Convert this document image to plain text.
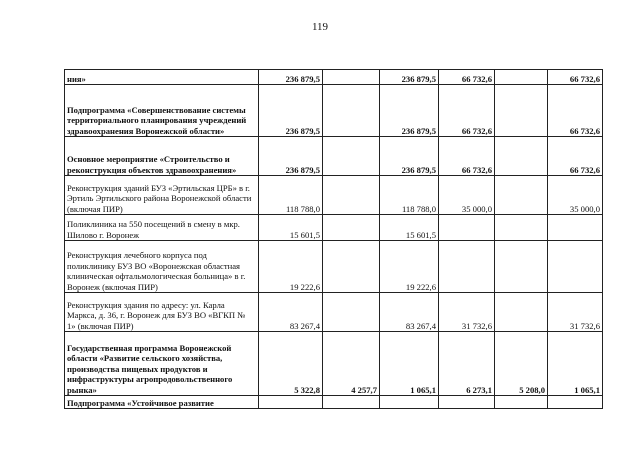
119
ния»	236 879,5		236 879,5	66 732,6		66 732,6
Подпрограмма «Совершенствование системы территориального планирования учреждений здравоохранения Воронежской области»	236 879,5		236 879,5	66 732,6		66 732,6
Основное мероприятие «Строительство и реконструкция объектов здравоохранения»	236 879,5		236 879,5	66 732,6		66 732,6
Реконструкция зданий БУЗ «Эртильская ЦРБ» в г. Эртиль Эртильского района Воронежской области (включая ПИР)	118 788,0		118 788,0	35 000,0		35 000,0
Поликлиника на 550 посещений в смену в мкр. Шилово г. Воронеж	15 601,5		15 601,5			
Реконструкция лечебного корпуса под поликлинику БУЗ ВО «Воронежская областная клиническая офтальмологическая больница» в г. Воронеж (включая ПИР)	19 222,6		19 222,6			
Реконструкция здания по адресу: ул. Карла Маркса, д. 36, г. Воронеж для БУЗ ВО «ВГКП № 1» (включая ПИР)	83 267,4		83 267,4	31 732,6		31 732,6
Государственная программа Воронежской области «Развитие сельского хозяйства, производства пищевых продуктов и инфраструктуры агропродовольственного рынка»	5 322,8	4 257,7	1 065,1	6 273,1	5 208,0	1 065,1
Подпрограмма «Устойчивое развитие						
